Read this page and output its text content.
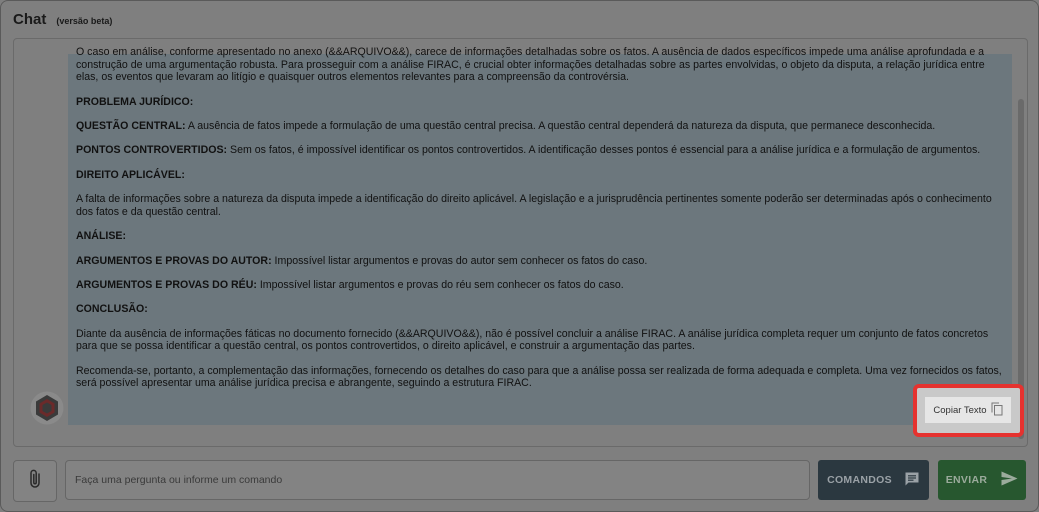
Chat (versão beta)

O caso em análise, conforme apresentado no anexo (&&ARQUIVO&&), carece de informações detalhadas sobre os fatos. A ausência de dados específicos impede uma análise aprofundada e a construção de uma argumentação robusta. Para prosseguir com a análise FIRAC, é crucial obter informações detalhadas sobre as partes envolvidas, o objeto da disputa, a relação jurídica entre elas, os eventos que levaram ao litígio e quaisquer outros elementos relevantes para a compreensão da controvérsia.

PROBLEMA JURÍDICO:

QUESTÃO CENTRAL: A ausência de fatos impede a formulação de uma questão central precisa. A questão central dependerá da natureza da disputa, que permanece desconhecida.

PONTOS CONTROVERTIDOS: Sem os fatos, é impossível identificar os pontos controvertidos. A identificação desses pontos é essencial para a análise jurídica e a formulação de argumentos.

DIREITO APLICÁVEL:

A falta de informações sobre a natureza da disputa impede a identificação do direito aplicável. A legislação e a jurisprudência pertinentes somente poderão ser determinadas após o conhecimento dos fatos e da questão central.

ANÁLISE:

ARGUMENTOS E PROVAS DO AUTOR: Impossível listar argumentos e provas do autor sem conhecer os fatos do caso.

ARGUMENTOS E PROVAS DO RÉU: Impossível listar argumentos e provas do réu sem conhecer os fatos do caso.

CONCLUSÃO:

Diante da ausência de informações fáticas no documento fornecido (&&ARQUIVO&&), não é possível concluir a análise FIRAC. A análise jurídica completa requer um conjunto de fatos concretos para que se possa identificar a questão central, os pontos controvertidos, o direito aplicável, e construir a argumentação das partes.

Recomenda-se, portanto, a complementação das informações, fornecendo os detalhes do caso para que a análise possa ser realizada de forma adequada e completa. Uma vez fornecidos os fatos, será possível apresentar uma análise jurídica precisa e abrangente, seguindo a estrutura FIRAC.

Copiar Texto
Faça uma pergunta ou informe um comando
COMANDOS	ENVIAR
